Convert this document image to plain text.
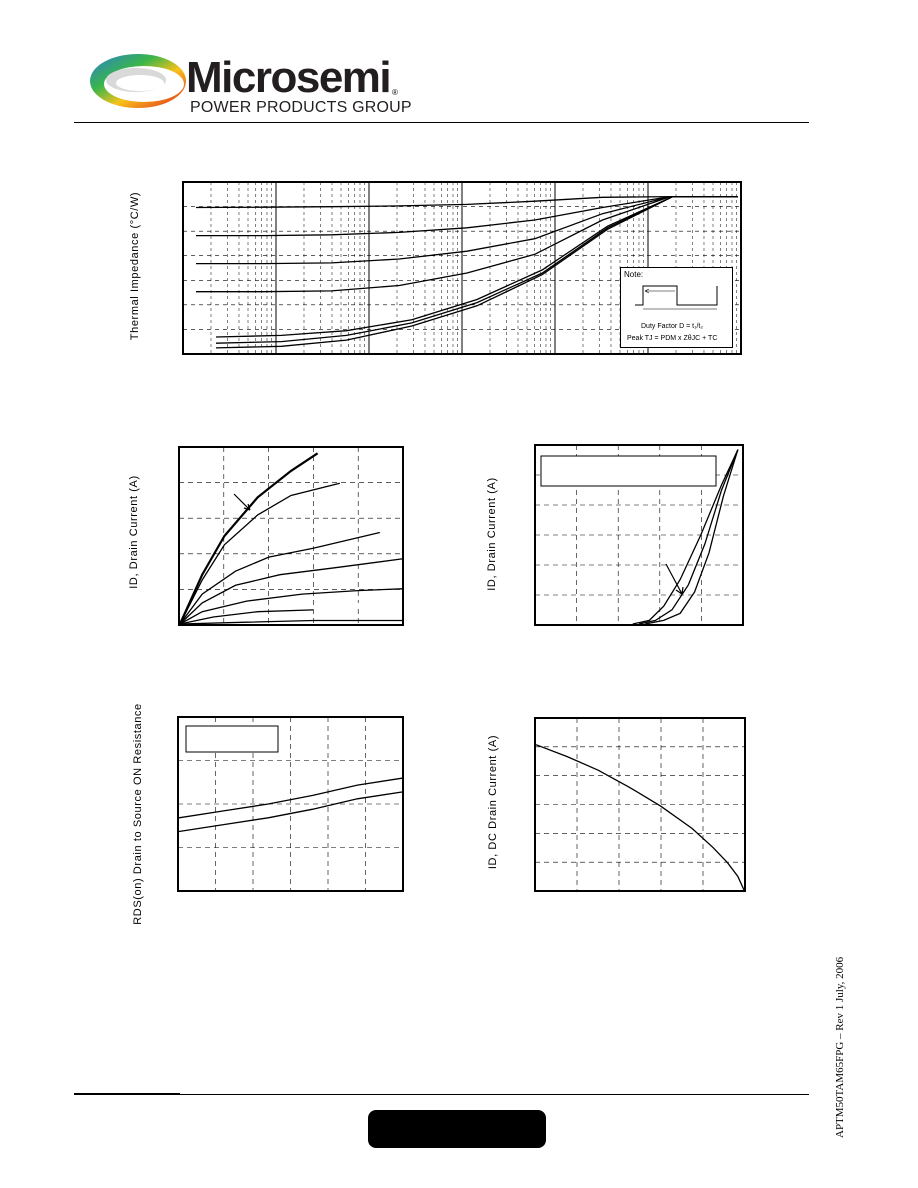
Microsemi ®
POWER PRODUCTS GROUP
Thermal Impedance (°C/W)	Note:
Duty Factor D = t₁/t₂
Peak TJ = PDM x ZθJC + TC
ID, Drain Current (A)	ID, Drain Current (A)
RDS(on) Drain to Source ON Resistance	ID, DC Drain Current (A)
APTM50TAM65FPG – Rev 1 July, 2006
